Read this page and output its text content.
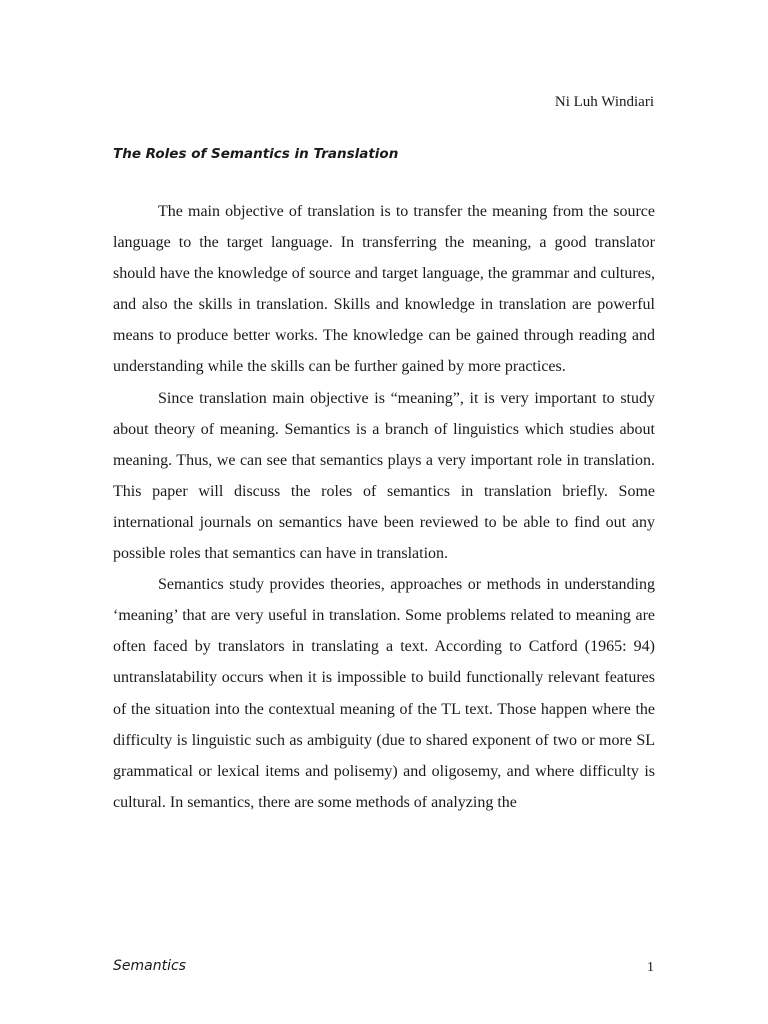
Ni Luh Windiari
The Roles of Semantics in Translation

The main objective of translation is to transfer the meaning from the source language to the target language. In transferring the meaning, a good translator should have the knowledge of source and target language, the grammar and cultures, and also the skills in translation. Skills and knowledge in translation are powerful means to produce better works. The knowledge can be gained through reading and understanding while the skills can be further gained by more practices.

Since translation main objective is “meaning”, it is very important to study about theory of meaning. Semantics is a branch of linguistics which studies about meaning. Thus, we can see that semantics plays a very important role in translation. This paper will discuss the roles of semantics in translation briefly. Some international journals on semantics have been reviewed to be able to find out any possible roles that semantics can have in translation.

Semantics study provides theories, approaches or methods in understanding ‘meaning’ that are very useful in translation. Some problems related to meaning are often faced by translators in translating a text. According to Catford (1965: 94) untranslatability occurs when it is impossible to build functionally relevant features of the situation into the contextual meaning of the TL text. Those happen where the difficulty is linguistic such as ambiguity (due to shared exponent of two or more SL grammatical or lexical items and polisemy) and oligosemy, and where difficulty is cultural. In semantics, there are some methods of analyzing the

Semantics	1
